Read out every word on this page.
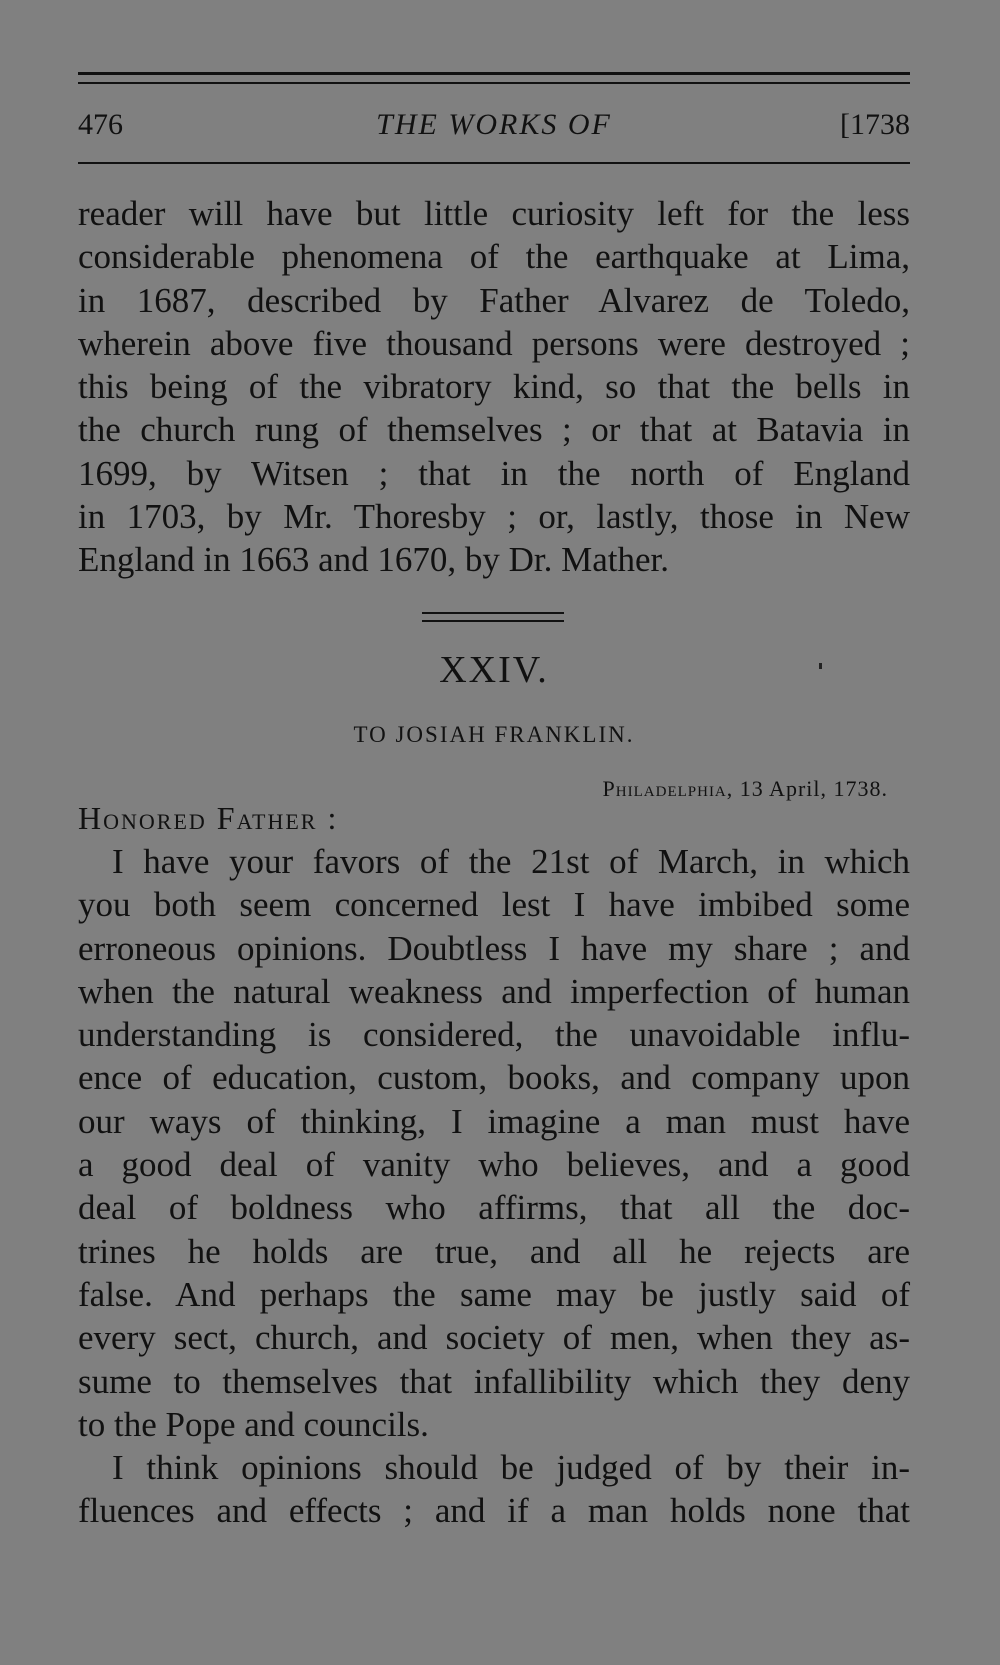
476	THE WORKS OF	[1738
reader will have but little curiosity left for the less
considerable phenomena of the earthquake at Lima,
in 1687, described by Father Alvarez de Toledo,
wherein above five thousand persons were destroyed ;
this being of the vibratory kind, so that the bells in
the church rung of themselves ; or that at Batavia in
1699, by Witsen ; that in the north of England
in 1703, by Mr. Thoresby ; or, lastly, those in New
England in 1663 and 1670, by Dr. Mather.
XXIV.
TO JOSIAH FRANKLIN.
Philadelphia, 13 April, 1738.
Honored Father :
I have your favors of the 21st of March, in which
you both seem concerned lest I have imbibed some
erroneous opinions. Doubtless I have my share ; and
when the natural weakness and imperfection of human
understanding is considered, the unavoidable influ-
ence of education, custom, books, and company upon
our ways of thinking, I imagine a man must have
a good deal of vanity who believes, and a good
deal of boldness who affirms, that all the doc-
trines he holds are true, and all he rejects are
false. And perhaps the same may be justly said of
every sect, church, and society of men, when they as-
sume to themselves that infallibility which they deny
to the Pope and councils.
I think opinions should be judged of by their in-
fluences and effects ; and if a man holds none that
